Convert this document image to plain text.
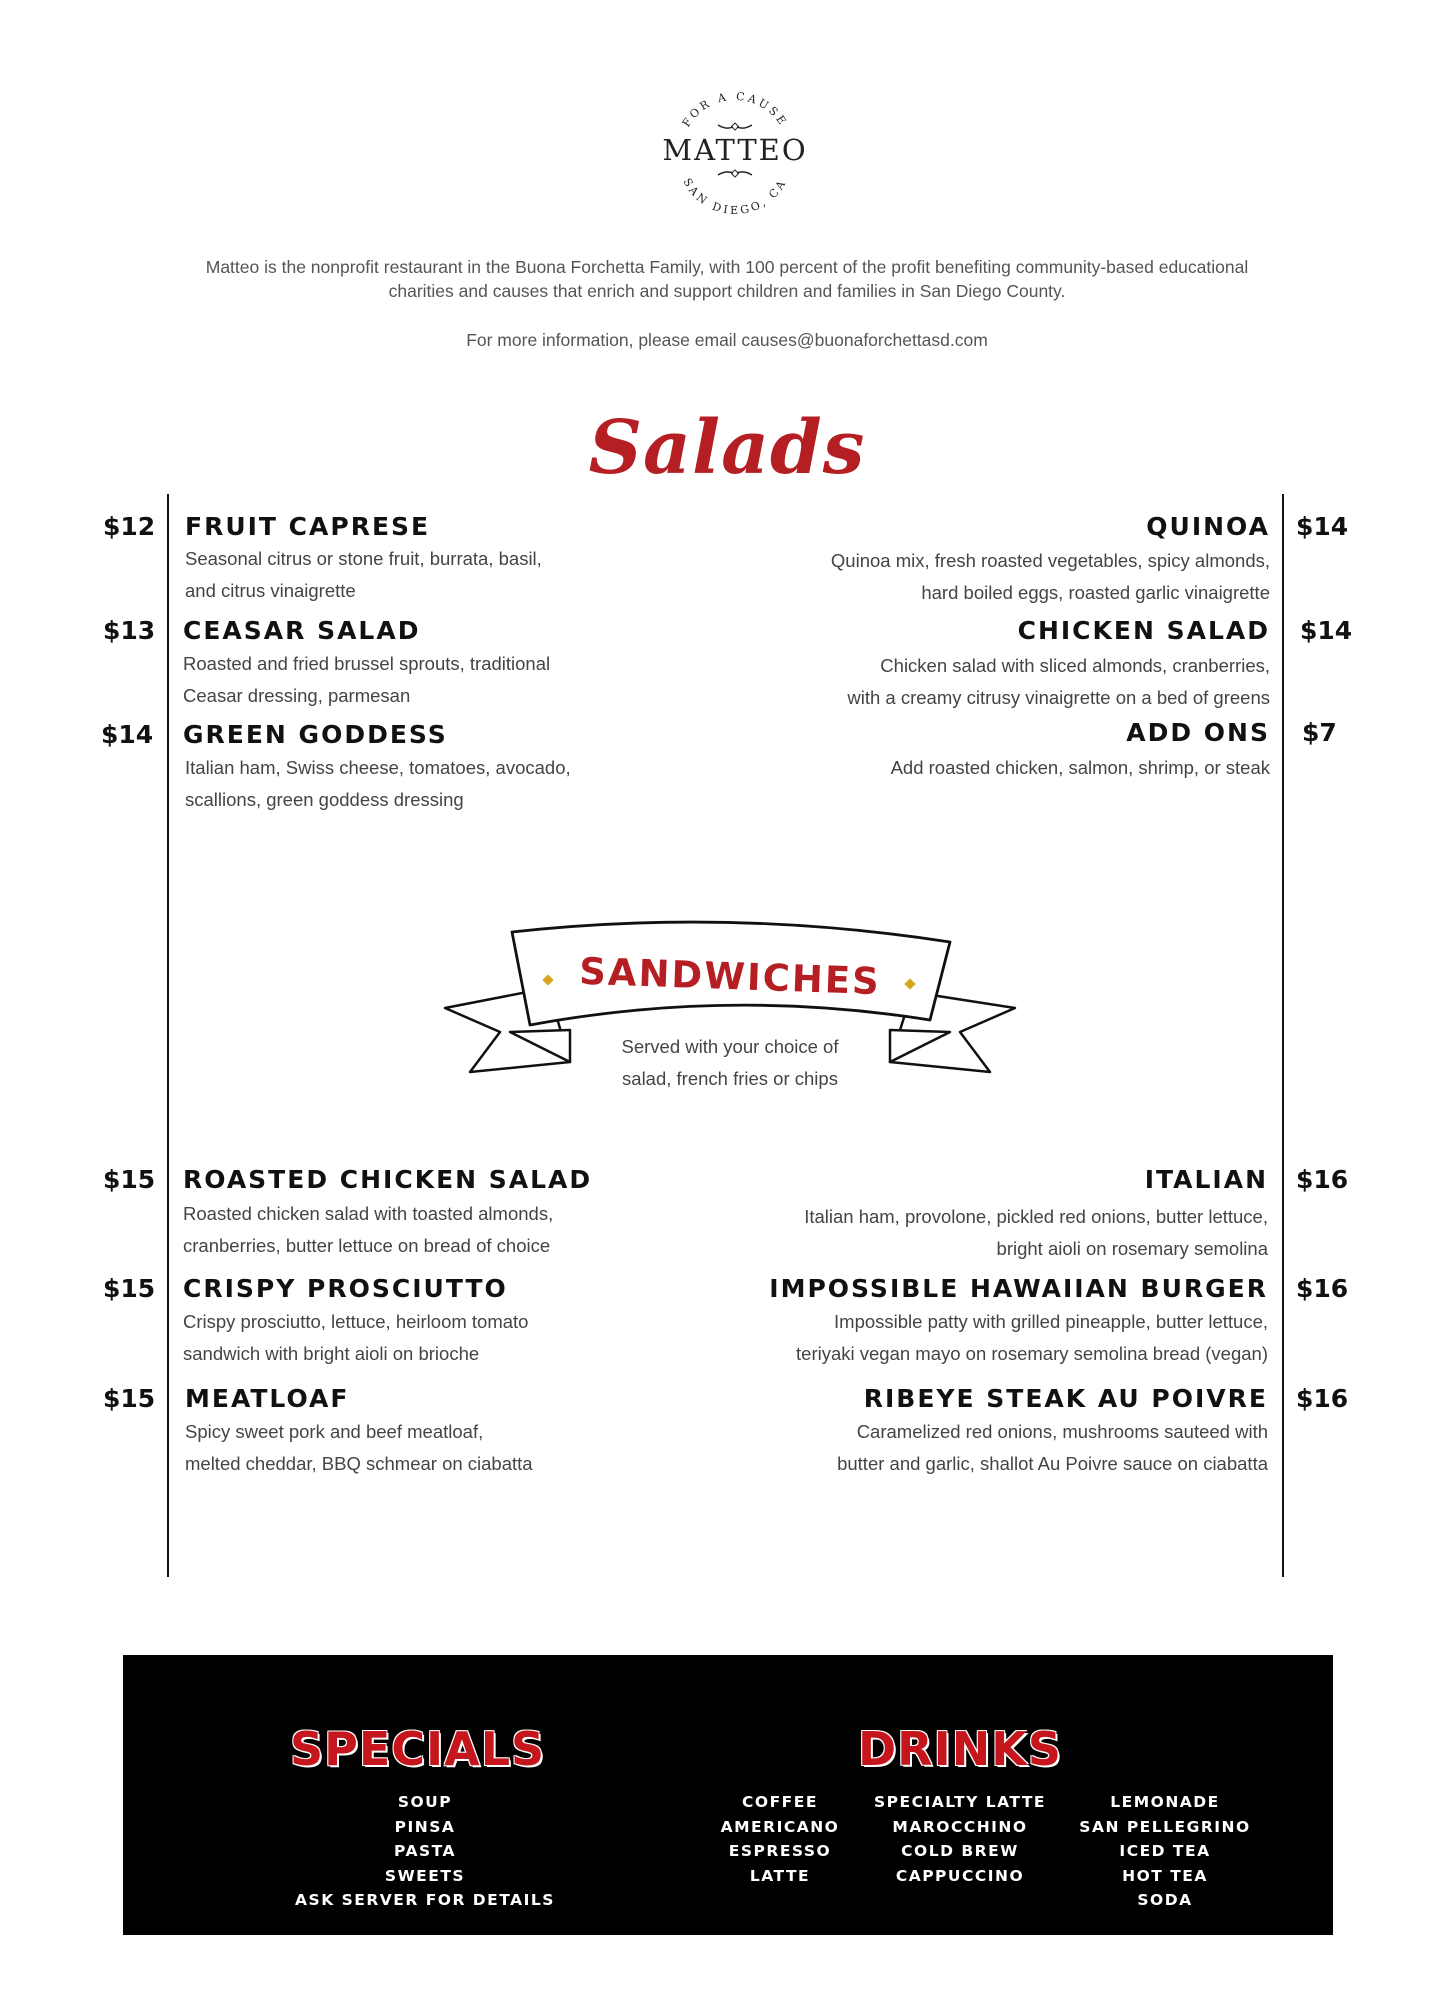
FOR A CAUSE
SAN DIEGO, CA
MATTEO
Matteo is the nonprofit restaurant in the Buona Forchetta Family, with 100 percent of the profit benefiting community-based educational
charities and causes that enrich and support children and families in San Diego County.
For more information, please email causes@buonaforchettasd.com
Salads
$12 FRUIT CAPRESE
Seasonal citrus or stone fruit, burrata, basil,
and citrus vinaigrette
$13 CEASAR SALAD
Roasted and fried brussel sprouts, traditional
Ceasar dressing, parmesan
$14 GREEN GODDESS
Italian ham, Swiss cheese, tomatoes, avocado,
scallions, green goddess dressing
QUINOA $14
Quinoa mix, fresh roasted vegetables, spicy almonds,
hard boiled eggs, roasted garlic vinaigrette
CHICKEN SALAD $14
Chicken salad with sliced almonds, cranberries,
with a creamy citrusy vinaigrette on a bed of greens
ADD ONS $7
Add roasted chicken, salmon, shrimp, or steak
SANDWICHES
Served with your choice of
salad, french fries or chips
$15 ROASTED CHICKEN SALAD
Roasted chicken salad with toasted almonds,
cranberries, butter lettuce on bread of choice
$15 CRISPY PROSCIUTTO
Crispy prosciutto, lettuce, heirloom tomato
sandwich with bright aioli on brioche
$15 MEATLOAF
Spicy sweet pork and beef meatloaf,
melted cheddar, BBQ schmear on ciabatta
ITALIAN $16
Italian ham, provolone, pickled red onions, butter lettuce,
bright aioli on rosemary semolina
IMPOSSIBLE HAWAIIAN BURGER $16
Impossible patty with grilled pineapple, butter lettuce,
teriyaki vegan mayo on rosemary semolina bread (vegan)
RIBEYE STEAK AU POIVRE $16
Caramelized red onions, mushrooms sauteed with
butter and garlic, shallot Au Poivre sauce on ciabatta
SPECIALS
SOUP
PINSA
PASTA
SWEETS
ASK SERVER FOR DETAILS
DRINKS
COFFEE
AMERICANO
ESPRESSO
LATTE
SPECIALTY LATTE
MAROCCHINO
COLD BREW
CAPPUCCINO
LEMONADE
SAN PELLEGRINO
ICED TEA
HOT TEA
SODA
